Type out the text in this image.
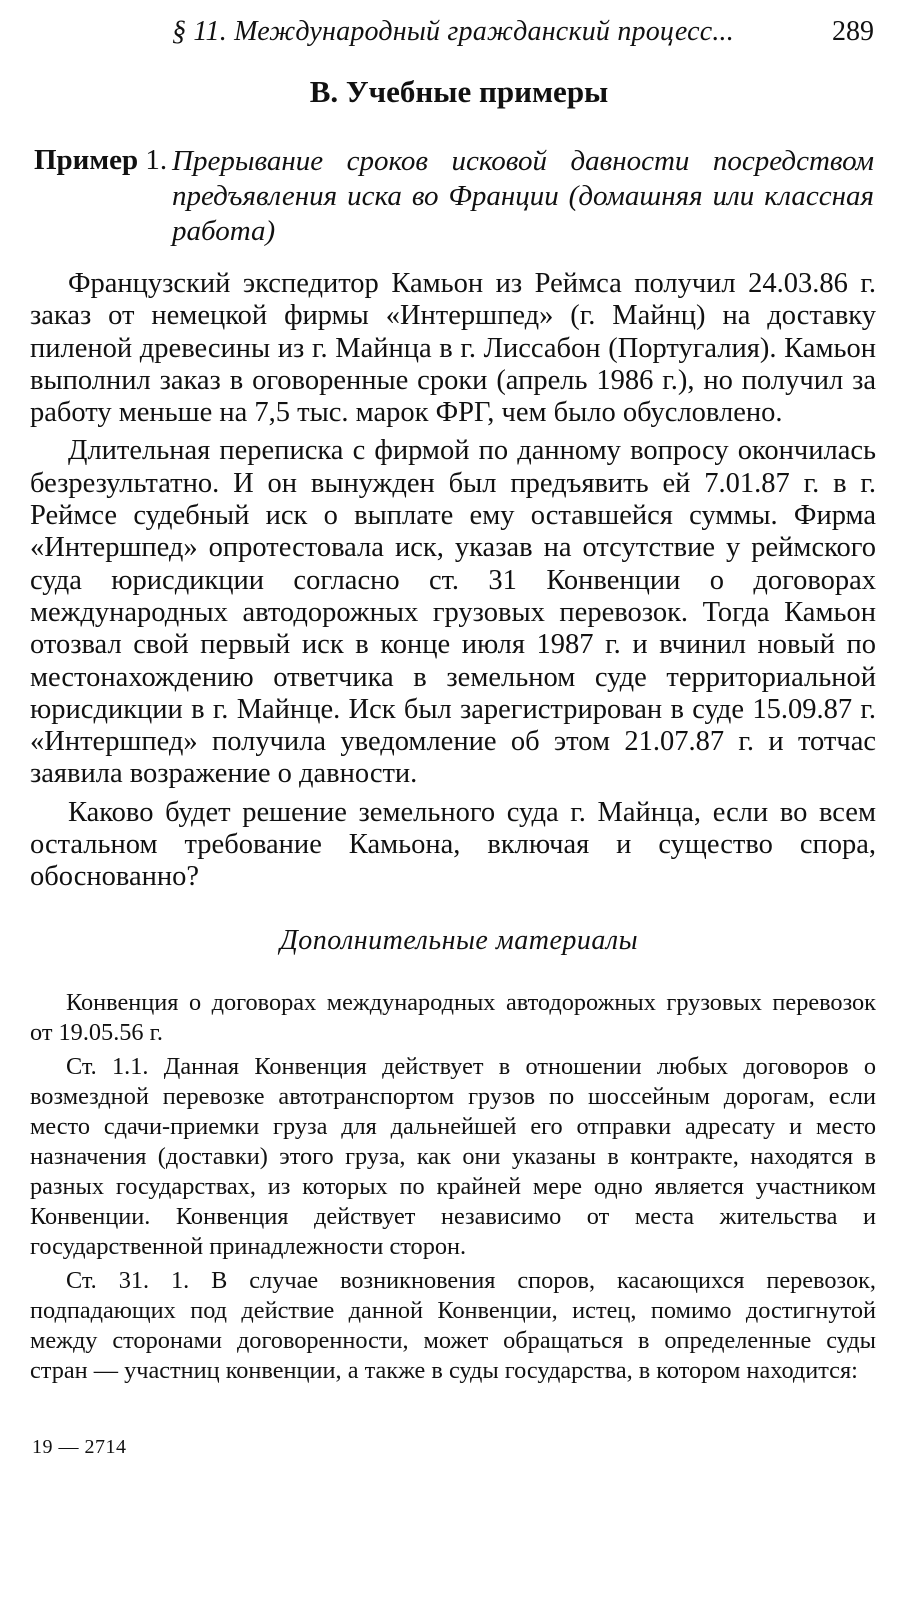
§ 11. Международный гражданский процесс...	289
В. Учебные примеры
Пример 1. Прерывание сроков исковой давности посредством предъявления иска во Франции (домашняя или классная работа)

Французский экспедитор Камьон из Реймса получил 24.03.86 г. заказ от немецкой фирмы «Интершпед» (г. Майнц) на доставку пиленой древесины из г. Майнца в г. Лиссабон (Португалия). Камьон выполнил заказ в оговоренные сроки (апрель 1986 г.), но получил за работу меньше на 7,5 тыс. марок ФРГ, чем было обусловлено.

Длительная переписка с фирмой по данному вопросу окончилась безрезультатно. И он вынужден был предъявить ей 7.01.87 г. в г. Реймсе судебный иск о выплате ему оставшейся суммы. Фирма «Интершпед» опротестовала иск, указав на отсутствие у реймского суда юрисдикции согласно ст. 31 Конвенции о договорах международных автодорожных грузовых перевозок. Тогда Камьон отозвал свой первый иск в конце июля 1987 г. и вчинил новый по местонахождению ответчика в земельном суде территориальной юрисдикции в г. Майнце. Иск был зарегистрирован в суде 15.09.87 г. «Интершпед» получила уведомление об этом 21.07.87 г. и тотчас заявила возражение о давности.

Каково будет решение земельного суда г. Майнца, если во всем остальном требование Камьона, включая и существо спора, обоснованно?

Дополнительные материалы

Конвенция о договорах международных автодорожных грузовых перевозок от 19.05.56 г.

Ст. 1.1. Данная Конвенция действует в отношении любых договоров о возмездной перевозке автотранспортом грузов по шоссейным дорогам, если место сдачи-приемки груза для дальнейшей его отправки адресату и место назначения (доставки) этого груза, как они указаны в контракте, находятся в разных государствах, из которых по крайней мере одно является участником Конвенции. Конвенция действует независимо от места жительства и государственной принадлежности сторон.

Ст. 31. 1. В случае возникновения споров, касающихся перевозок, подпадающих под действие данной Конвенции, истец, помимо достигнутой между сторонами договоренности, может обращаться в определенные суды стран — участниц конвенции, а также в суды государства, в котором находится:

19 — 2714
